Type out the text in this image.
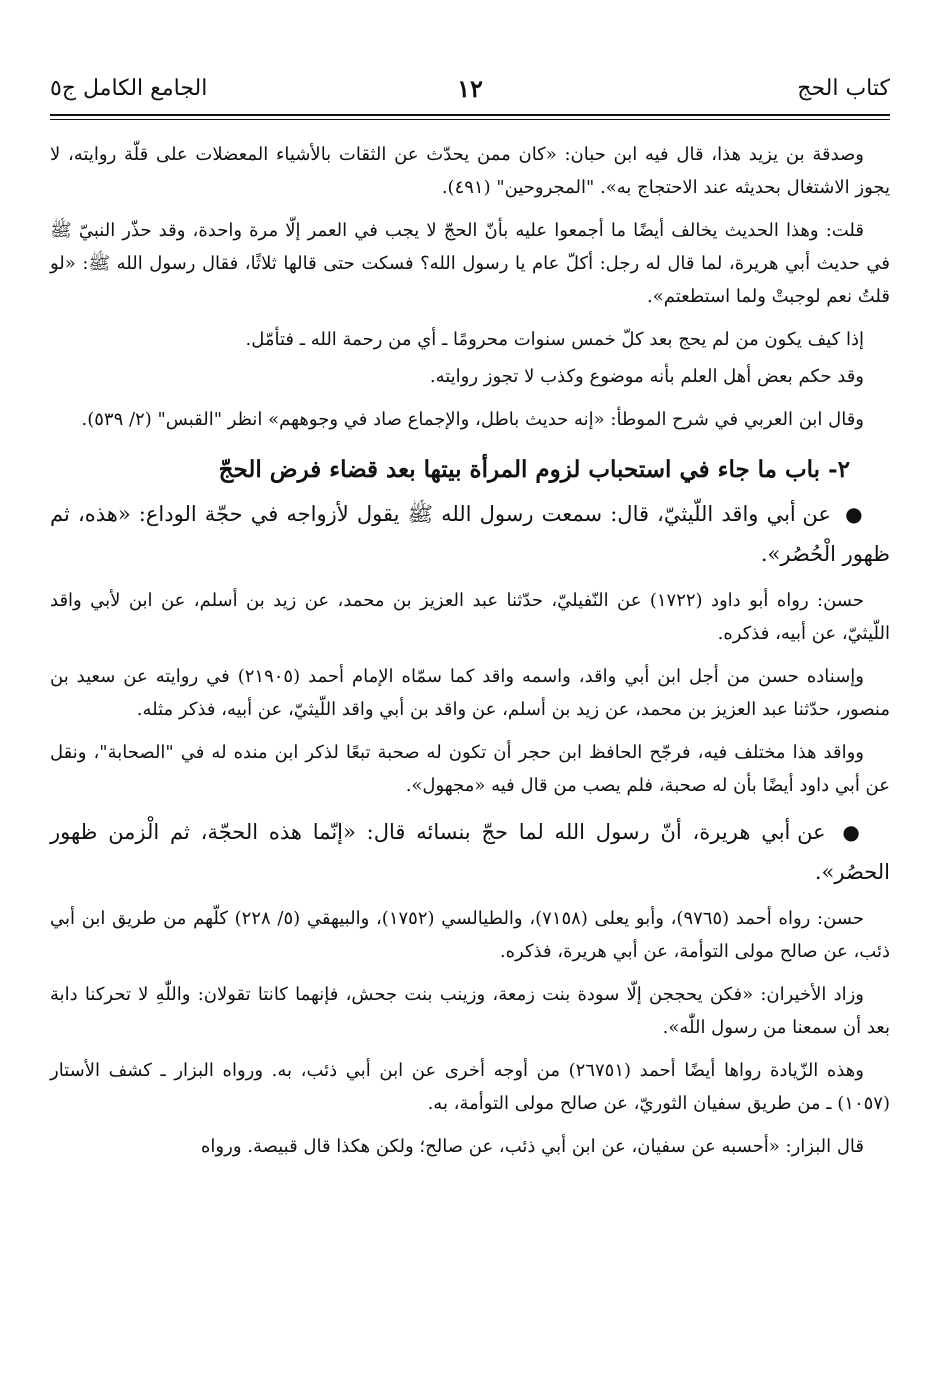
كتاب الحج
١٢
الجامع الكامل ج٥

وصدقة بن يزيد هذا، قال فيه ابن حبان: «كان ممن يحدّث عن الثقات بالأشياء المعضلات على قلّة روايته، لا يجوز الاشتغال بحديثه عند الاحتجاج به». "المجروحين" (٤٩١).

قلت: وهذا الحديث يخالف أيضًا ما أجمعوا عليه بأنّ الحجّ لا يجب في العمر إلّا مرة واحدة، وقد حذّر النبيّ ﷺ في حديث أبي هريرة، لما قال له رجل: أكلّ عام يا رسول الله؟ فسكت حتى قالها ثلاثًا، فقال رسول الله ﷺ: «لو قلتُ نعم لوجبتْ ولما استطعتم».

إذا كيف يكون من لم يحج بعد كلّ خمس سنوات محرومًا ـ أي من رحمة الله ـ فتأمّل.

وقد حكم بعض أهل العلم بأنه موضوع وكذب لا تجوز روايته.

وقال ابن العربي في شرح الموطأ: «إنه حديث باطل، والإجماع صاد في وجوههم» انظر "القبس" (٢/ ٥٣٩).

٢- باب ما جاء في استحباب لزوم المرأة بيتها بعد قضاء فرض الحجّ

● عن أبي واقد اللّيثيّ، قال: سمعت رسول الله ﷺ يقول لأزواجه في حجّة الوداع: «هذه، ثم ظهور الْحُصُر».

حسن: رواه أبو داود (١٧٢٢) عن النّفيليّ، حدّثنا عبد العزيز بن محمد، عن زيد بن أسلم، عن ابن لأبي واقد اللّيثيّ، عن أبيه، فذكره.

وإسناده حسن من أجل ابن أبي واقد، واسمه واقد كما سمّاه الإمام أحمد (٢١٩٠٥) في روايته عن سعيد بن منصور، حدّثنا عبد العزيز بن محمد، عن زيد بن أسلم، عن واقد بن أبي واقد اللّيثيّ، عن أبيه، فذكر مثله.

وواقد هذا مختلف فيه، فرجّح الحافظ ابن حجر أن تكون له صحبة تبعًا لذكر ابن منده له في "الصحابة"، ونقل عن أبي داود أيضًا بأن له صحبة، فلم يصب من قال فيه «مجهول».

● عن أبي هريرة، أنّ رسول الله لما حجّ بنسائه قال: «إنّما هذه الحجّة، ثم الْزمن ظهور الحصُر».

حسن: رواه أحمد (٩٧٦٥)، وأبو يعلى (٧١٥٨)، والطيالسي (١٧٥٢)، والبيهقي (٥/ ٢٢٨) كلّهم من طريق ابن أبي ذئب، عن صالح مولى التوأمة، عن أبي هريرة، فذكره.

وزاد الأخيران: «فكن يحججن إلّا سودة بنت زمعة، وزينب بنت جحش، فإنهما كانتا تقولان: واللّٰهِ لا تحركنا دابة بعد أن سمعنا من رسول اللّٰه».

وهذه الزّيادة رواها أيضًا أحمد (٢٦٧٥١) من أوجه أخرى عن ابن أبي ذئب، به. ورواه البزار ـ كشف الأستار (١٠٥٧) ـ من طريق سفيان الثوريّ، عن صالح مولى التوأمة، به.

قال البزار: «أحسبه عن سفيان، عن ابن أبي ذئب، عن صالح؛ ولكن هكذا قال قبيصة. ورواه
